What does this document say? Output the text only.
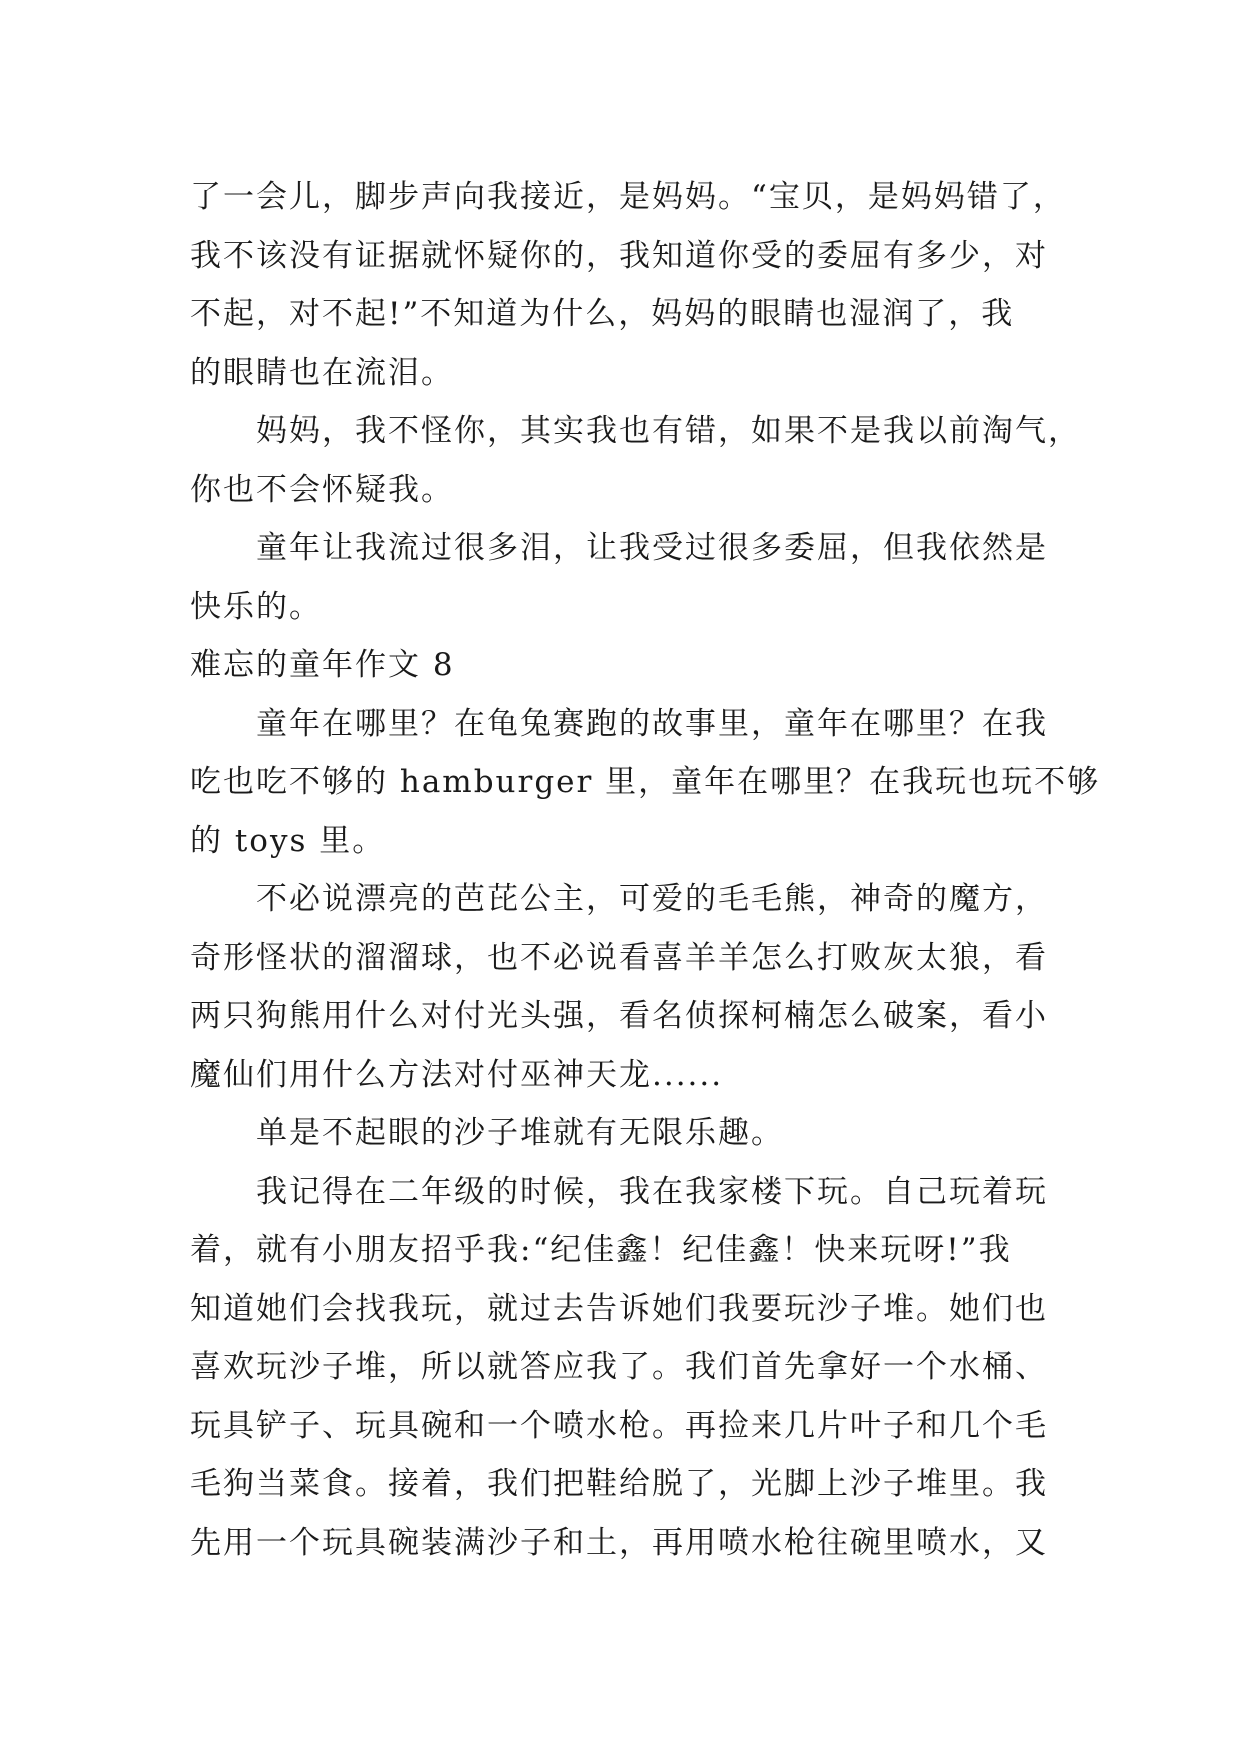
了一会儿，脚步声向我接近，是妈妈。“宝贝，是妈妈错了，
我不该没有证据就怀疑你的，我知道你受的委屈有多少，对
不起，对不起!”不知道为什么，妈妈的眼睛也湿润了，我
的眼睛也在流泪。
妈妈，我不怪你，其实我也有错，如果不是我以前淘气，
你也不会怀疑我。
童年让我流过很多泪，让我受过很多委屈，但我依然是
快乐的。
难忘的童年作文 8
童年在哪里？在龟兔赛跑的故事里，童年在哪里？在我
吃也吃不够的 hamburger 里，童年在哪里？在我玩也玩不够
的 toys 里。
不必说漂亮的芭芘公主，可爱的毛毛熊，神奇的魔方，
奇形怪状的溜溜球，也不必说看喜羊羊怎么打败灰太狼，看
两只狗熊用什么对付光头强，看名侦探柯楠怎么破案，看小
魔仙们用什么方法对付巫神天龙......
单是不起眼的沙子堆就有无限乐趣。
我记得在二年级的时候，我在我家楼下玩。自己玩着玩
着，就有小朋友招乎我:“纪佳鑫！纪佳鑫！快来玩呀!”我
知道她们会找我玩，就过去告诉她们我要玩沙子堆。她们也
喜欢玩沙子堆，所以就答应我了。我们首先拿好一个水桶、
玩具铲子、玩具碗和一个喷水枪。再捡来几片叶子和几个毛
毛狗当菜食。接着，我们把鞋给脱了，光脚上沙子堆里。我
先用一个玩具碗装满沙子和土，再用喷水枪往碗里喷水，又
